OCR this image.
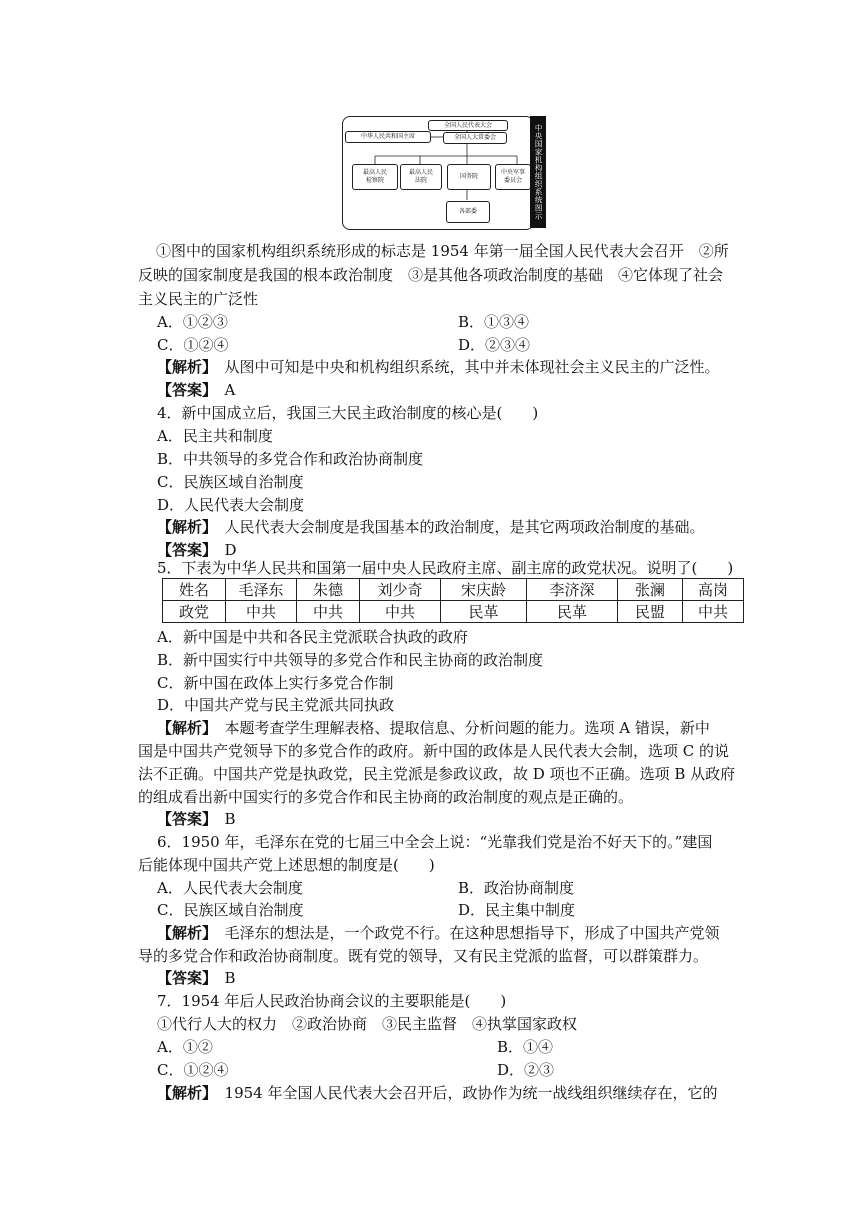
全国人民代表大会
中华人民共和国主席	全国人大常委会
最高人民
检察院
最高人民
法院
国务院
中央军事
委员会
各部委	中央国家机构组织系统图示
①图中的国家机构组织系统形成的标志是 1954 年第一届全国人民代表大会召开　②所
反映的国家制度是我国的根本政治制度　③是其他各项政治制度的基础　④它体现了社会
主义民主的广泛性
A．①②③	B．①③④
C．①②④	D．②③④
【解析】　 从图中可知是中央和机构组织系统，其中并未体现社会主义民主的广泛性。
【答案】　 A
4．新中国成立后，我国三大民主政治制度的核心是(　　)
A．民主共和制度
B．中共领导的多党合作和政治协商制度
C．民族区域自治制度
D．人民代表大会制度
【解析】　 人民代表大会制度是我国基本的政治制度，是其它两项政治制度的基础。
【答案】　 D
5．下表为中华人民共和国第一届中央人民政府主席、副主席的政党状况。说明了(　　)
姓名	毛泽东	朱德	刘少奇	宋庆龄	李济深	张澜	高岗
政党	中共	中共	中共	民革	民革	民盟	中共
A．新中国是中共和各民主党派联合执政的政府
B．新中国实行中共领导的多党合作和民主协商的政治制度
C．新中国在政体上实行多党合作制
D．中国共产党与民主党派共同执政
【解析】　 本题考查学生理解表格、提取信息、分析问题的能力。选项 A 错误，新中
国是中国共产党领导下的多党合作的政府。新中国的政体是人民代表大会制，选项 C 的说
法不正确。中国共产党是执政党，民主党派是参政议政，故 D 项也不正确。选项 B 从政府
的组成看出新中国实行的多党合作和民主协商的政治制度的观点是正确的。
【答案】　 B
6．1950 年，毛泽东在党的七届三中全会上说：“光靠我们党是治不好天下的。”建国
后能体现中国共产党上述思想的制度是(　　)
A．人民代表大会制度	B．政治协商制度
C．民族区域自治制度	D．民主集中制度
【解析】　 毛泽东的想法是，一个政党不行。在这种思想指导下，形成了中国共产党领
导的多党合作和政治协商制度。既有党的领导，又有民主党派的监督，可以群策群力。
【答案】　 B
7．1954 年后人民政治协商会议的主要职能是(　　)
①代行人大的权力　②政治协商　③民主监督　④执掌国家政权
A．①②	B．①④
C．①②④	D．②③
【解析】　 1954 年全国人民代表大会召开后，政协作为统一战线组织继续存在，它的
